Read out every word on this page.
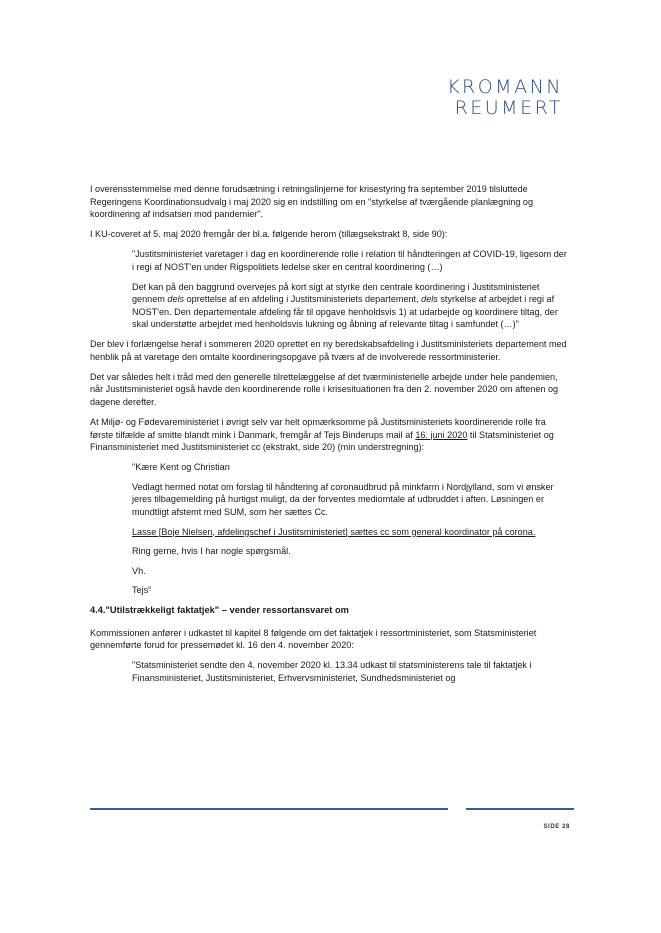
KROMANN
REUMERT

I overensstemmelse med denne forudsætning i retningslinjerne for krisestyring fra september 2019 tilsluttede Regeringens Koordinationsudvalg i maj 2020 sig en indstilling om en "styrkelse af tværgående planlægning og koordinering af indsatsen mod pandemier".

I KU-coveret af 5. maj 2020 fremgår der bl.a. følgende herom (tillægsekstrakt 8, side 90):

"Justitsministeriet varetager i dag en koordinerende rolle i relation til håndteringen af COVID-19, ligesom der i regi af NOST'en under Rigspolitiets ledelse sker en central koordinering (…)

Det kan på den baggrund overvejes på kort sigt at styrke den centrale koordinering i Justitsministeriet gennem dels oprettelse af en afdeling i Justitsministeriets departement, dels styrkelse af arbejdet i regi af NOST'en. Den departementale afdeling får til opgave henholdsvis 1) at udarbejde og koordinere tiltag, der skal understøtte arbejdet med henholdsvis lukning og åbning af relevante tiltag i samfundet (…)"

Der blev i forlængelse heraf i sommeren 2020 oprettet en ny beredskabsafdeling i Justitsministeriets departement med henblik på at varetage den omtalte koordineringsopgave på tværs af de involverede ressortministerier.

Det var således helt i tråd med den generelle tilrettelæggelse af det tværministerielle arbejde under hele pandemien, når Justitsministeriet også havde den koordinerende rolle i krisesituationen fra den 2. november 2020 om aftenen og dagene derefter.

At Miljø- og Fødevareministeriet i øvrigt selv var helt opmærksomme på Justitsministeriets koordinerende rolle fra første tilfælde af smitte blandt mink i Danmark, fremgår af Tejs Binderups mail af 16. juni 2020 til Statsministeriet og Finansministeriet med Justitsministeriet cc (ekstrakt, side 20) (min understregning):

"Kære Kent og Christian

Vedlagt hermed notat om forslag til håndtering af coronaudbrud på minkfarm i Nordjylland, som vi ønsker jeres tilbagemelding på hurtigst muligt, da der forventes mediomtale af udbruddet i aften. Løsningen er mundtligt afstemt med SUM, som her sættes Cc.

Lasse [Boje Nielsen, afdelingschef i Justitsministeriet] sættes cc som general koordinator på corona.

Ring gerne, hvis I har nogle spørgsmål.

Vh.

Tejs"

4.4."Utilstrækkeligt faktatjek" – vender ressortansvaret om

Kommissionen anfører i udkastet til kapitel 8 følgende om det faktatjek i ressortministeriet, som Statsministeriet gennemførte forud for pressemødet kl. 16 den 4. november 2020:

"Statsministeriet sendte den 4. november 2020 kl. 13.34 udkast til statsministerens tale til faktatjek i Finansministeriet, Justitsministeriet, Erhvervsministeriet, Sundhedsministeriet og

SIDE 28
